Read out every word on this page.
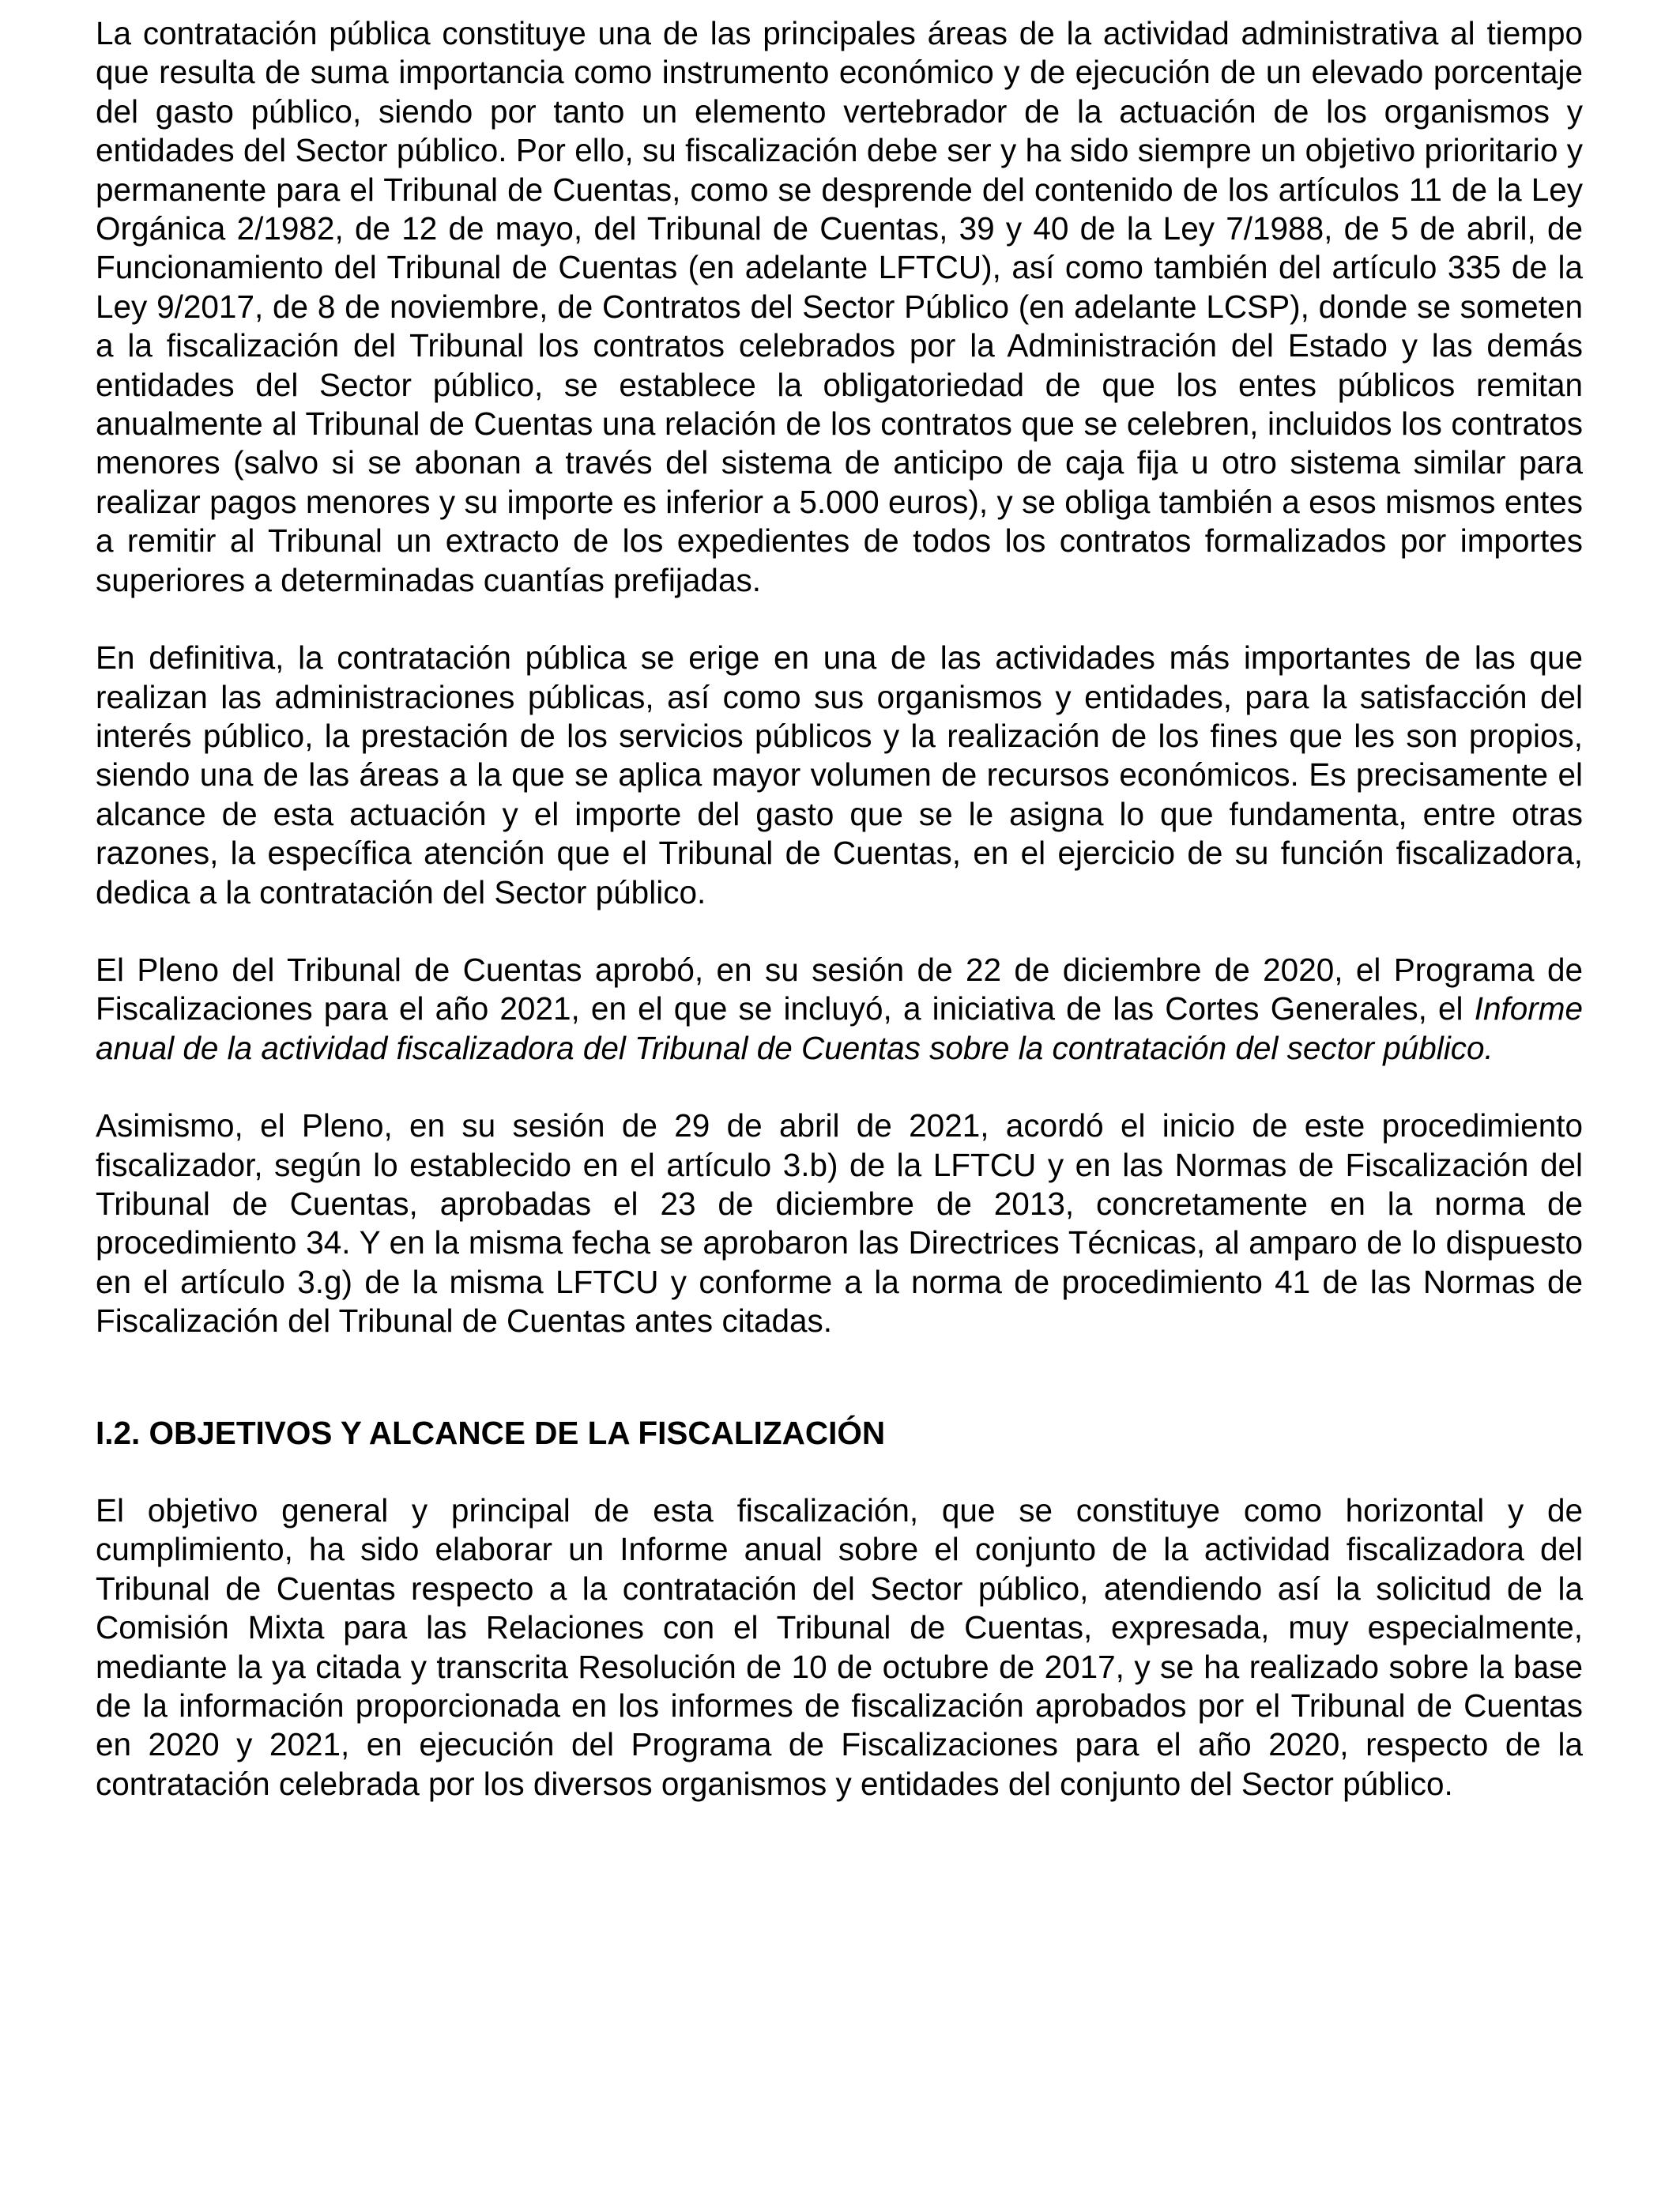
La contratación pública constituye una de las principales áreas de la actividad administrativa al tiempo que resulta de suma importancia como instrumento económico y de ejecución de un elevado porcentaje del gasto público, siendo por tanto un elemento vertebrador de la actuación de los organismos y entidades del Sector público. Por ello, su fiscalización debe ser y ha sido siempre un objetivo prioritario y permanente para el Tribunal de Cuentas, como se desprende del contenido de los artículos 11 de la Ley Orgánica 2/1982, de 12 de mayo, del Tribunal de Cuentas, 39 y 40 de la Ley 7/1988, de 5 de abril, de Funcionamiento del Tribunal de Cuentas (en adelante LFTCU), así como también del artículo 335 de la Ley 9/2017, de 8 de noviembre, de Contratos del Sector Público (en adelante LCSP), donde se someten a la fiscalización del Tribunal los contratos celebrados por la Administración del Estado y las demás entidades del Sector público, se establece la obligatoriedad de que los entes públicos remitan anualmente al Tribunal de Cuentas una relación de los contratos que se celebren, incluidos los contratos menores (salvo si se abonan a través del sistema de anticipo de caja fija u otro sistema similar para realizar pagos menores y su importe es inferior a 5.000 euros), y se obliga también a esos mismos entes a remitir al Tribunal un extracto de los expedientes de todos los contratos formalizados por importes superiores a determinadas cuantías prefijadas.

En definitiva, la contratación pública se erige en una de las actividades más importantes de las que realizan las administraciones públicas, así como sus organismos y entidades, para la satisfacción del interés público, la prestación de los servicios públicos y la realización de los fines que les son propios, siendo una de las áreas a la que se aplica mayor volumen de recursos económicos. Es precisamente el alcance de esta actuación y el importe del gasto que se le asigna lo que fundamenta, entre otras razones, la específica atención que el Tribunal de Cuentas, en el ejercicio de su función fiscalizadora, dedica a la contratación del Sector público.

El Pleno del Tribunal de Cuentas aprobó, en su sesión de 22 de diciembre de 2020, el Programa de Fiscalizaciones para el año 2021, en el que se incluyó, a iniciativa de las Cortes Generales, el Informe anual de la actividad fiscalizadora del Tribunal de Cuentas sobre la contratación del sector público.

Asimismo, el Pleno, en su sesión de 29 de abril de 2021, acordó el inicio de este procedimiento fiscalizador, según lo establecido en el artículo 3.b) de la LFTCU y en las Normas de Fiscalización del Tribunal de Cuentas, aprobadas el 23 de diciembre de 2013, concretamente en la norma de procedimiento 34. Y en la misma fecha se aprobaron las Directrices Técnicas, al amparo de lo dispuesto en el artículo 3.g) de la misma LFTCU y conforme a la norma de procedimiento 41 de las Normas de Fiscalización del Tribunal de Cuentas antes citadas.

I.2. OBJETIVOS Y ALCANCE DE LA FISCALIZACIÓN

El objetivo general y principal de esta fiscalización, que se constituye como horizontal y de cumplimiento, ha sido elaborar un Informe anual sobre el conjunto de la actividad fiscalizadora del Tribunal de Cuentas respecto a la contratación del Sector público, atendiendo así la solicitud de la Comisión Mixta para las Relaciones con el Tribunal de Cuentas, expresada, muy especialmente, mediante la ya citada y transcrita Resolución de 10 de octubre de 2017, y se ha realizado sobre la base de la información proporcionada en los informes de fiscalización aprobados por el Tribunal de Cuentas en 2020 y 2021, en ejecución del Programa de Fiscalizaciones para el año 2020, respecto de la contratación celebrada por los diversos organismos y entidades del conjunto del Sector público.
